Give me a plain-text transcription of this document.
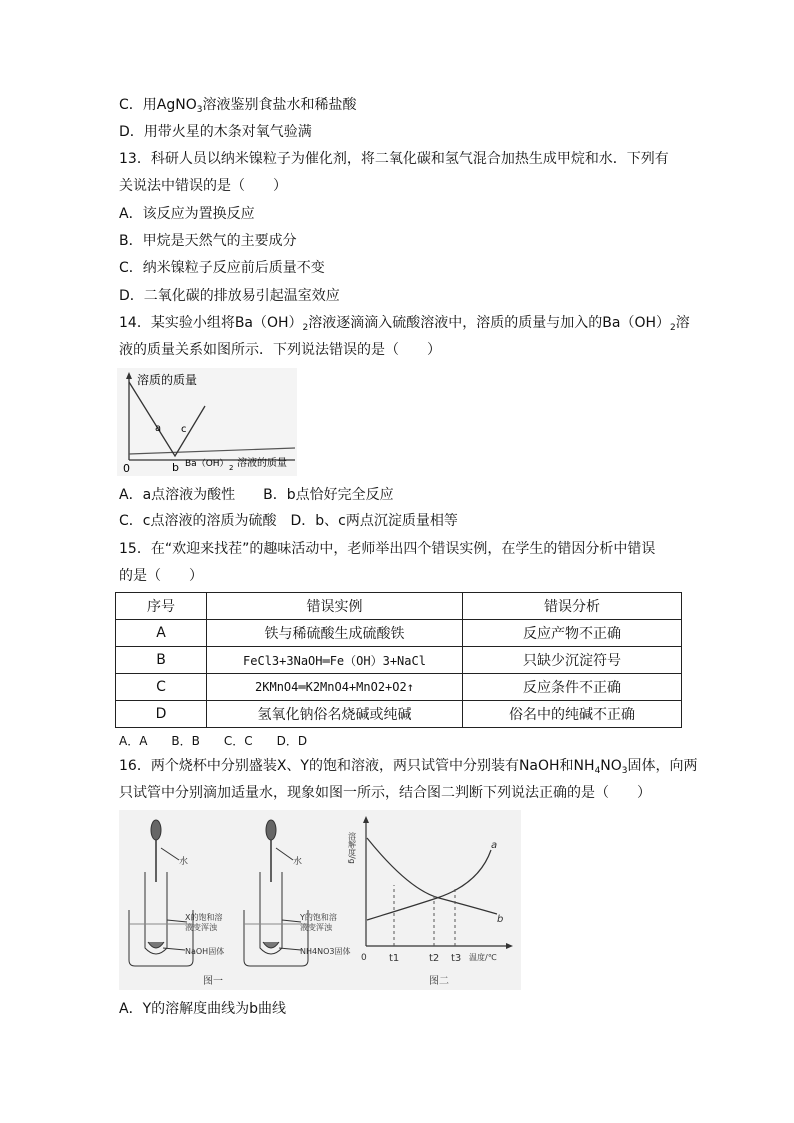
C．用AgNO$_3$溶液鉴别食盐水和稀盐酸
D．用带火星的木条对氧气验满
13．科研人员以纳米镍粒子为催化剂，将二氧化碳和氢气混合加热生成甲烷和水．下列有
关说法中错误的是（　　）
A．该反应为置换反应
B．甲烷是天然气的主要成分
C．纳米镍粒子反应前后质量不变
D．二氧化碳的排放易引起温室效应
14．某实验小组将$Ba(OH)_2$溶液逐滴滴入硫酸溶液中，溶质的质量与加入的$Ba(OH)_2$溶
液的质量关系如图所示．下列说法错误的是（　　）
溶质的质量
a c
b
0	Ba（OH） 2 溶液的质量
A．a点溶液为酸性　　B．b点恰好完全反应
C．c点溶液的溶质为硫酸　D．b、c两点沉淀质量相等
15．在“欢迎来找茬”的趣味活动中，老师举出四个错误实例，在学生的错因分析中错误
的是（　　）
序号	错误实例	错误分析
A	铁与稀硫酸生成硫酸铁	反应产物不正确
B	FeCl3+3NaOH═Fe（OH）3+NaCl	只缺少沉淀符号
C	2KMnO4═K2MnO4+MnO2+O2↑	反应条件不正确
D	氢氧化钠俗名烧碱或纯碱	俗名中的纯碱不正确
A．A　　B．B　　C．C　　D．D
16．两个烧杯中分别盛装X、Y的饱和溶液，两只试管中分别装有NaOH和$NH_4NO_3$固体，向两
只试管中分别滴加适量水，现象如图一所示，结合图二判断下列说法正确的是（　　）
水
X的饱和溶
液变浑浊
NaOH固体
水
Y的饱和溶
液变浑浊
NH4NO3固体
图一
溶解度/g
0 t1	t2 t3 温度/℃
a
b
图二
A．Y的溶解度曲线为b曲线
